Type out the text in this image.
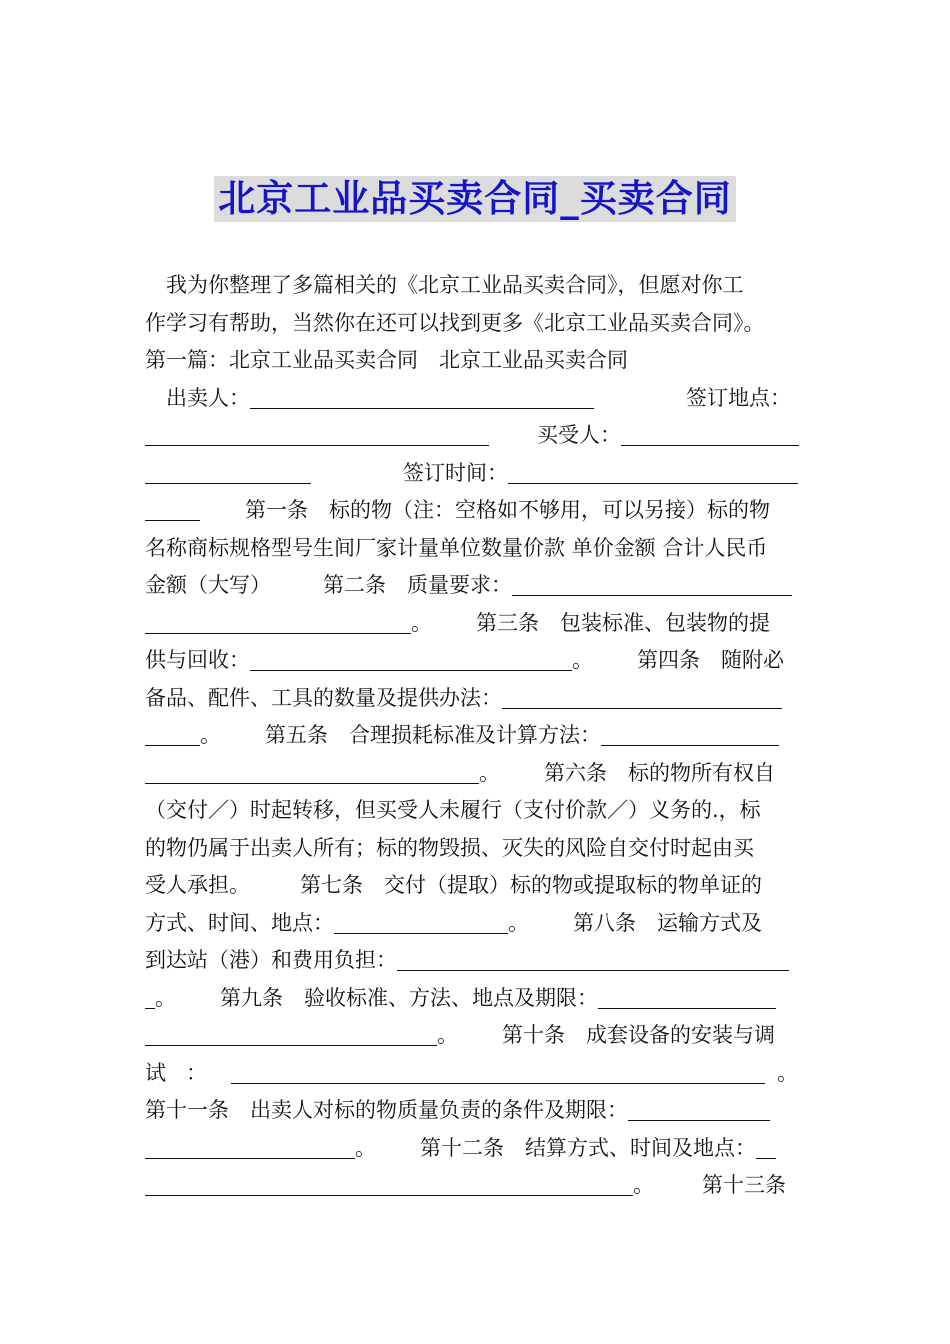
北京工业品买卖合同_买卖合同
我为你整理了多篇相关的《北京工业品买卖合同》，但愿对你工
作学习有帮助，当然你在还可以找到更多《北京工业品买卖合同》。
第一篇：北京工业品买卖合同　北京工业品买卖合同
出卖人：	签订地点：
买受人：
签订时间：
第一条　标的物（注：空格如不够用，可以另接）标的物
名称商标规格型号生间厂家计量单位数量价款 单价金额 合计人民币
金额（大写） 第二条　质量要求：
。 第三条　包装标准、包装物的提
供与回收：	。 第四条　随附必
备品、配件、工具的数量及提供办法：
。 第五条　合理损耗标准及计算方法：
。 第六条　标的物所有权自
（交付／）时起转移，但买受人未履行（支付价款／）义务的.，标
的物仍属于出卖人所有；标的物毁损、灭失的风险自交付时起由买
受人承担。 第七条　交付（提取）标的物或提取标的物单证的
方式、时间、地点：	。 第八条　运输方式及
到达站（港）和费用负担：
。 第九条　验收标准、方法、地点及期限：
。 第十条　成套设备的安装与调
试 ：	。
第十一条　出卖人对标的物质量负责的条件及期限：
。 第十二条　结算方式、时间及地点：
。 第十三条
